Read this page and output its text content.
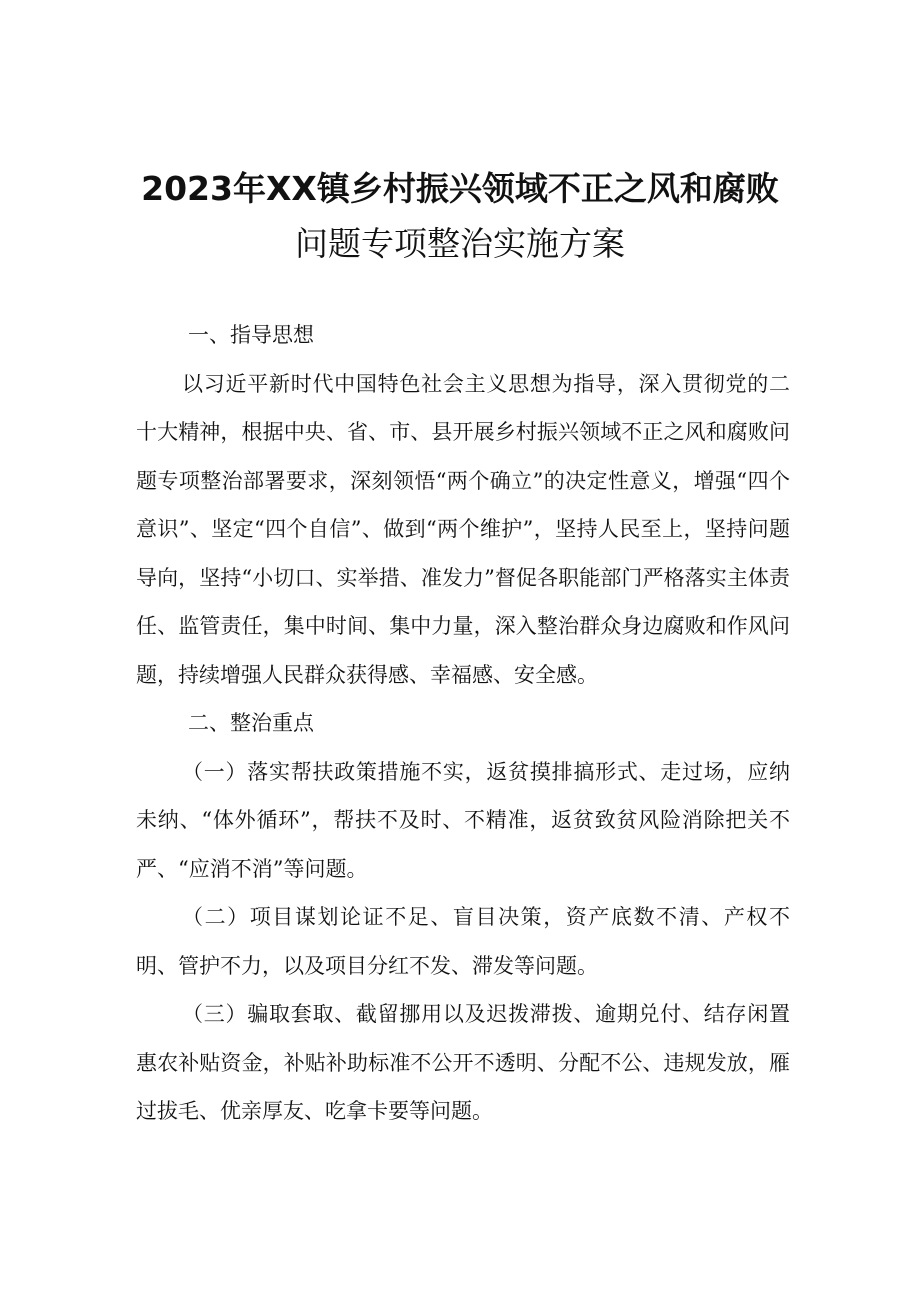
2023年XX镇乡村振兴领域不正之风和腐败
问题专项整治实施方案

一、指导思想

以习近平新时代中国特色社会主义思想为指导，深入贯彻党的二十大精神，根据中央、省、市、县开展乡村振兴领域不正之风和腐败问题专项整治部署要求，深刻领悟“两个确立”的决定性意义，增强“四个意识”、坚定“四个自信”、做到“两个维护”，坚持人民至上，坚持问题导向，坚持“小切口、实举措、准发力”督促各职能部门严格落实主体责任、监管责任，集中时间、集中力量，深入整治群众身边腐败和作风问题，持续增强人民群众获得感、幸福感、安全感。

二、整治重点

（一）落实帮扶政策措施不实，返贫摸排搞形式、走过场，应纳未纳、“体外循环”，帮扶不及时、不精准，返贫致贫风险消除把关不严、“应消不消”等问题。

（二）项目谋划论证不足、盲目决策，资产底数不清、产权不明、管护不力，以及项目分红不发、滞发等问题。

（三）骗取套取、截留挪用以及迟拨滞拨、逾期兑付、结存闲置惠农补贴资金，补贴补助标准不公开不透明、分配不公、违规发放，雁过拔毛、优亲厚友、吃拿卡要等问题。
